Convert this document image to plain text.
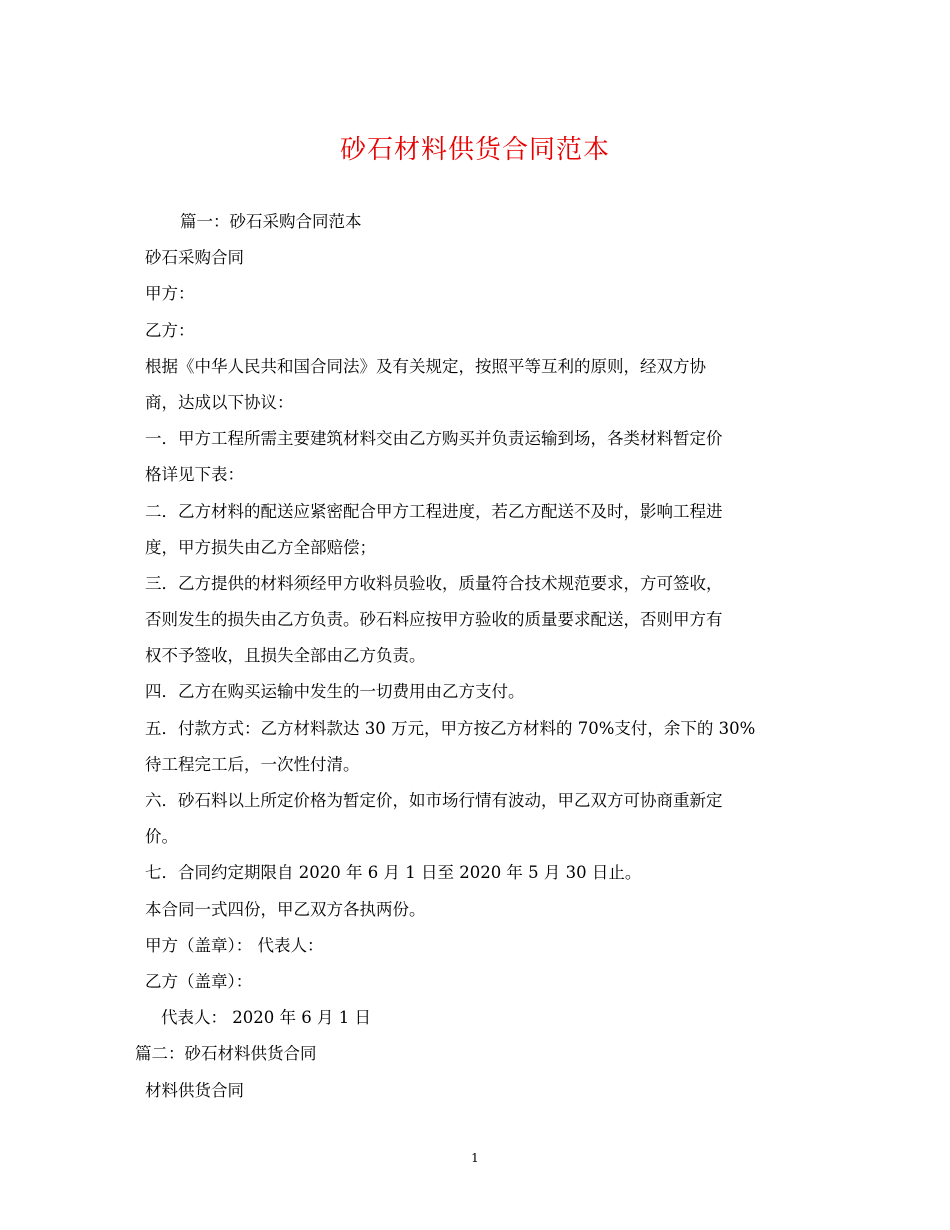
砂石材料供货合同范本

篇一：砂石采购合同范本

砂石采购合同

甲方：

乙方：

根据《中华人民共和国合同法》及有关规定，按照平等互利的原则，经双方协

商，达成以下协议：

一．甲方工程所需主要建筑材料交由乙方购买并负责运输到场，各类材料暂定价

格详见下表：

二．乙方材料的配送应紧密配合甲方工程进度，若乙方配送不及时，影响工程进

度，甲方损失由乙方全部赔偿；

三．乙方提供的材料须经甲方收料员验收，质量符合技术规范要求，方可签收，

否则发生的损失由乙方负责。砂石料应按甲方验收的质量要求配送，否则甲方有

权不予签收，且损失全部由乙方负责。

四．乙方在购买运输中发生的一切费用由乙方支付。

五．付款方式：乙方材料款达 30 万元，甲方按乙方材料的 70%支付，余下的 30%

待工程完工后，一次性付清。

六．砂石料以上所定价格为暂定价，如市场行情有波动，甲乙双方可协商重新定

价。

七．合同约定期限自 2020 年 6 月 1 日至 2020 年 5 月 30 日止。

本合同一式四份，甲乙双方各执两份。

甲方（盖章）： 代表人：

乙方（盖章）：

代表人： 2020 年 6 月 1 日

篇二：砂石材料供货合同

材料供货合同

1
